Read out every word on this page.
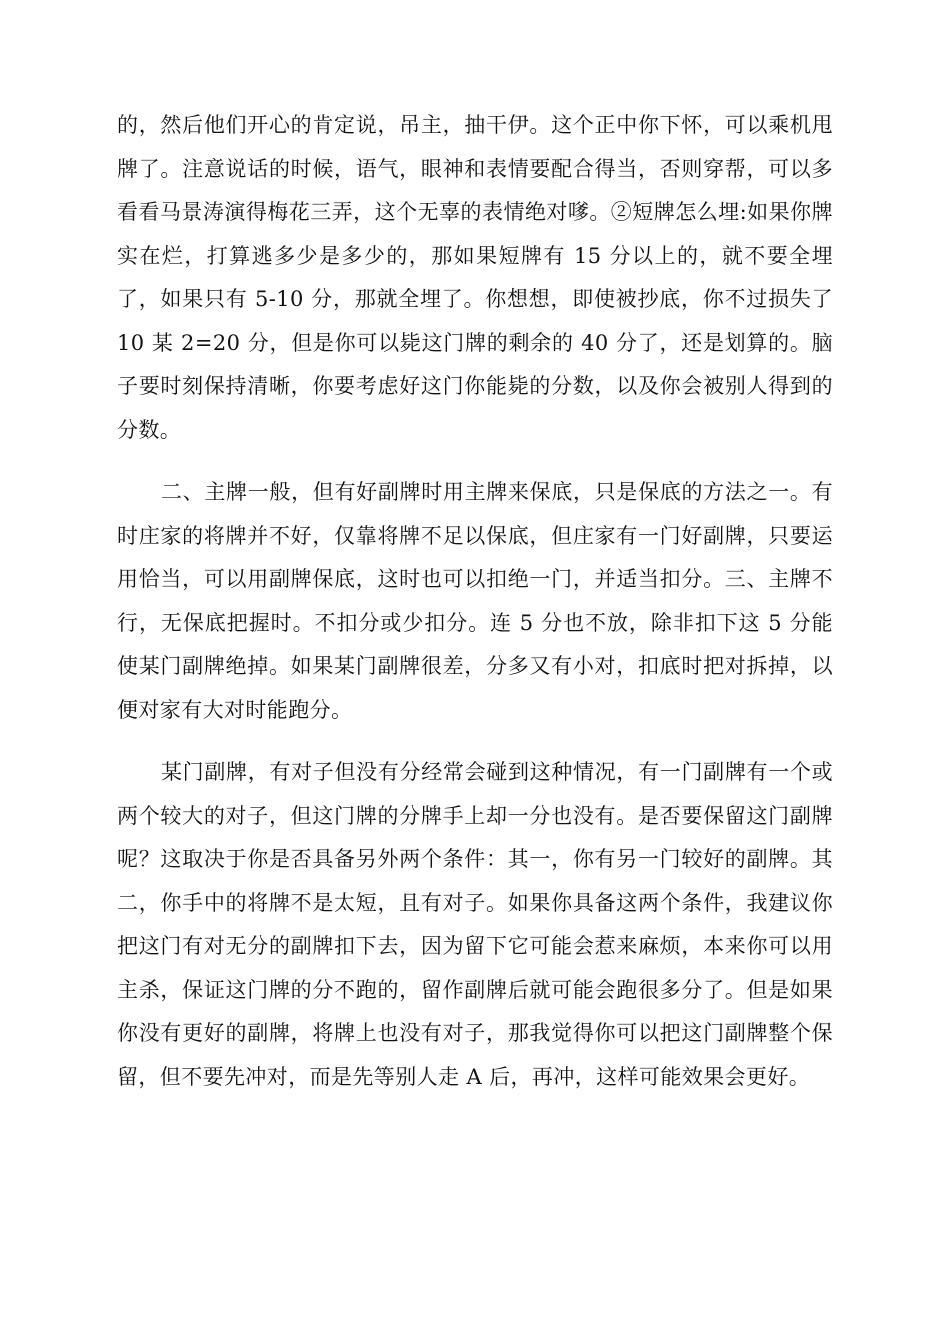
的，然后他们开心的肯定说，吊主，抽干伊。这个正中你下怀，可以乘机甩牌了。注意说话的时候，语气，眼神和表情要配合得当，否则穿帮，可以多看看马景涛演得梅花三弄，这个无辜的表情绝对嗲。②短牌怎么埋:如果你牌实在烂，打算逃多少是多少的，那如果短牌有 15 分以上的，就不要全埋了，如果只有 5-10 分，那就全埋了。你想想，即使被抄底，你不过损失了 10 某 2=20 分，但是你可以毙这门牌的剩余的 40 分了，还是划算的。脑子要时刻保持清晰，你要考虑好这门你能毙的分数，以及你会被别人得到的分数。

二、主牌一般，但有好副牌时用主牌来保底，只是保底的方法之一。有时庄家的将牌并不好，仅靠将牌不足以保底，但庄家有一门好副牌，只要运用恰当，可以用副牌保底，这时也可以扣绝一门，并适当扣分。三、主牌不行，无保底把握时。不扣分或少扣分。连 5 分也不放，除非扣下这 5 分能使某门副牌绝掉。如果某门副牌很差，分多又有小对，扣底时把对拆掉，以便对家有大对时能跑分。

某门副牌，有对子但没有分经常会碰到这种情况，有一门副牌有一个或两个较大的对子，但这门牌的分牌手上却一分也没有。是否要保留这门副牌呢？这取决于你是否具备另外两个条件：其一，你有另一门较好的副牌。其二，你手中的将牌不是太短，且有对子。如果你具备这两个条件，我建议你把这门有对无分的副牌扣下去，因为留下它可能会惹来麻烦，本来你可以用主杀，保证这门牌的分不跑的，留作副牌后就可能会跑很多分了。但是如果你没有更好的副牌，将牌上也没有对子，那我觉得你可以把这门副牌整个保留，但不要先冲对，而是先等别人走 A 后，再冲，这样可能效果会更好。
